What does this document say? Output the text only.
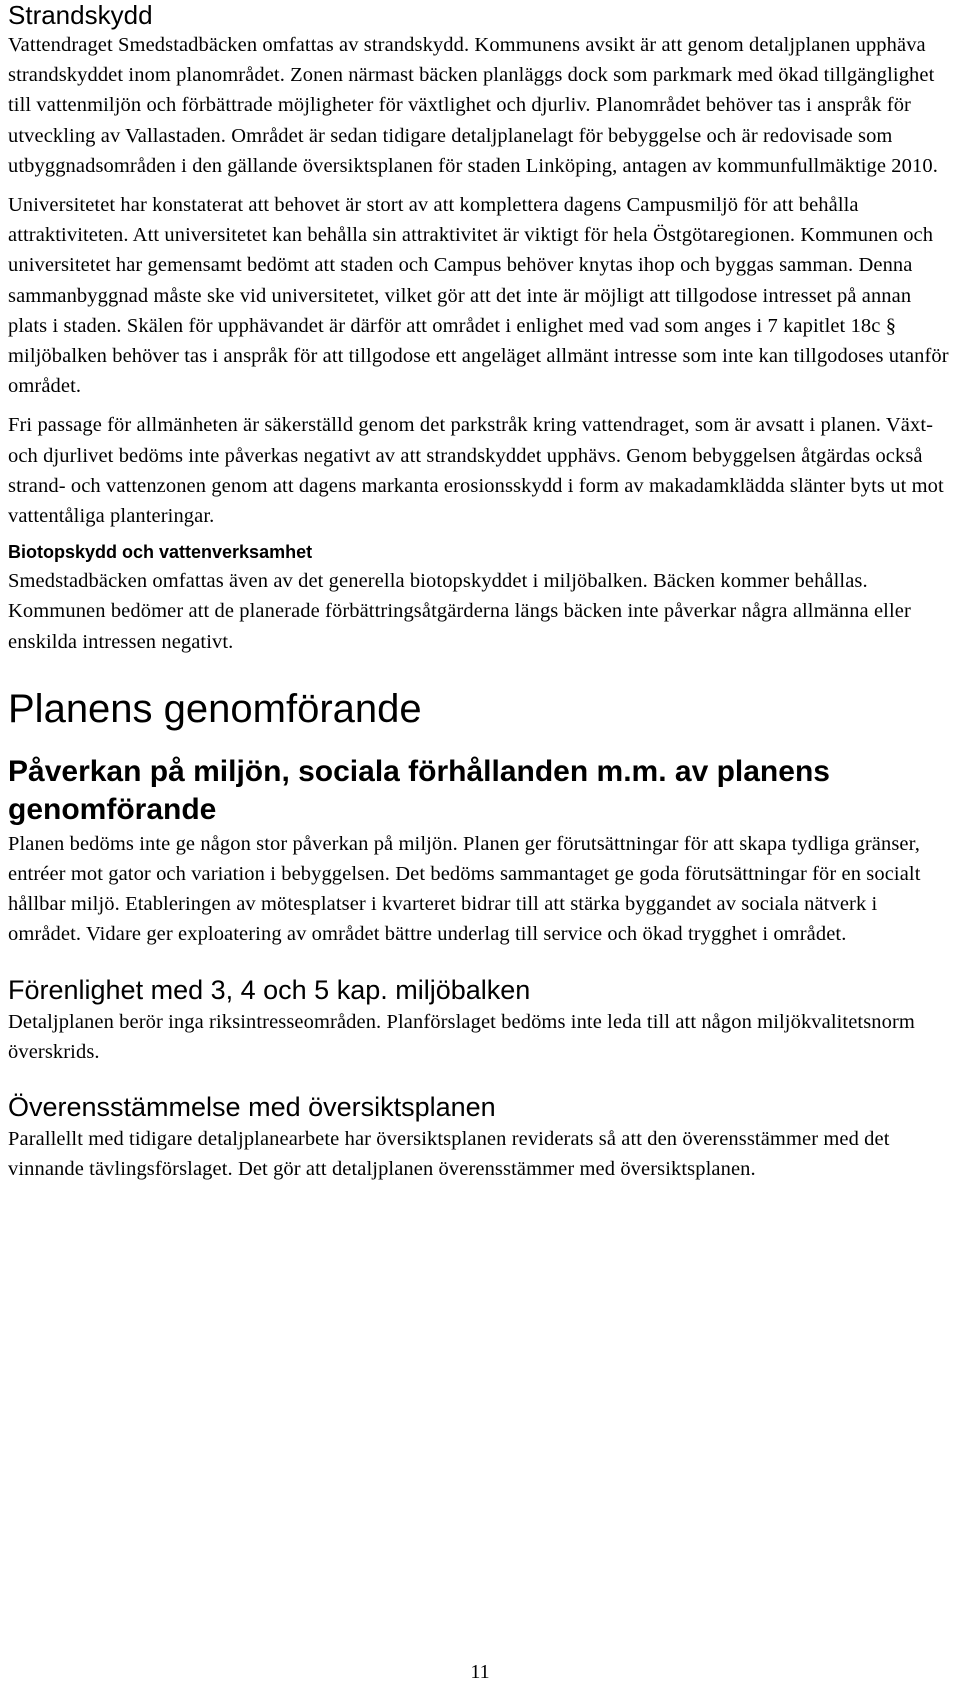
Strandskydd

Vattendraget Smedstadbäcken omfattas av strandskydd. Kommunens avsikt är att genom detaljplanen upphäva strandskyddet inom planområdet. Zonen närmast bäcken planläggs dock som parkmark med ökad tillgänglighet till vattenmiljön och förbättrade möjligheter för växtlighet och djurliv. Planområdet behöver tas i anspråk för utveckling av Vallastaden. Området är sedan tidigare detaljplanelagt för bebyggelse och är redovisade som utbyggnadsområden i den gällande översiktsplanen för staden Linköping, antagen av kommunfullmäktige 2010.

Universitetet har konstaterat att behovet är stort av att komplettera dagens Campusmiljö för att behålla attraktiviteten. Att universitetet kan behålla sin attraktivitet är viktigt för hela Östgötaregionen. Kommunen och universitetet har gemensamt bedömt att staden och Campus behöver knytas ihop och byggas samman. Denna sammanbyggnad måste ske vid universitetet, vilket gör att det inte är möjligt att tillgodose intresset på annan plats i staden. Skälen för upphävandet är därför att området i enlighet med vad som anges i 7 kapitlet 18c § miljöbalken behöver tas i anspråk för att tillgodose ett angeläget allmänt intresse som inte kan tillgodoses utanför området.

Fri passage för allmänheten är säkerställd genom det parkstråk kring vattendraget, som är avsatt i planen. Växt- och djurlivet bedöms inte påverkas negativt av att strandskyddet upphävs. Genom bebyggelsen åtgärdas också strand- och vattenzonen genom att dagens markanta erosionsskydd i form av makadamklädda slänter byts ut mot vattentåliga planteringar.

Biotopskydd och vattenverksamhet

Smedstadbäcken omfattas även av det generella biotopskyddet i miljöbalken. Bäcken kommer behållas. Kommunen bedömer att de planerade förbättringsåtgärderna längs bäcken inte påverkar några allmänna eller enskilda intressen negativt.

Planens genomförande
Påverkan på miljön, sociala förhållanden m.m. av planens genomförande

Planen bedöms inte ge någon stor påverkan på miljön. Planen ger förutsättningar för att skapa tydliga gränser, entréer mot gator och variation i bebyggelsen. Det bedöms sammantaget ge goda förutsättningar för en socialt hållbar miljö. Etableringen av mötesplatser i kvarteret bidrar till att stärka byggandet av sociala nätverk i området. Vidare ger exploatering av området bättre underlag till service och ökad trygghet i området.

Förenlighet med 3, 4 och 5 kap. miljöbalken

Detaljplanen berör inga riksintresseområden. Planförslaget bedöms inte leda till att någon miljökvalitetsnorm överskrids.

Överensstämmelse med översiktsplanen

Parallellt med tidigare detaljplanearbete har översiktsplanen reviderats så att den överensstämmer med det vinnande tävlingsförslaget. Det gör att detaljplanen överensstämmer med översiktsplanen.

11
